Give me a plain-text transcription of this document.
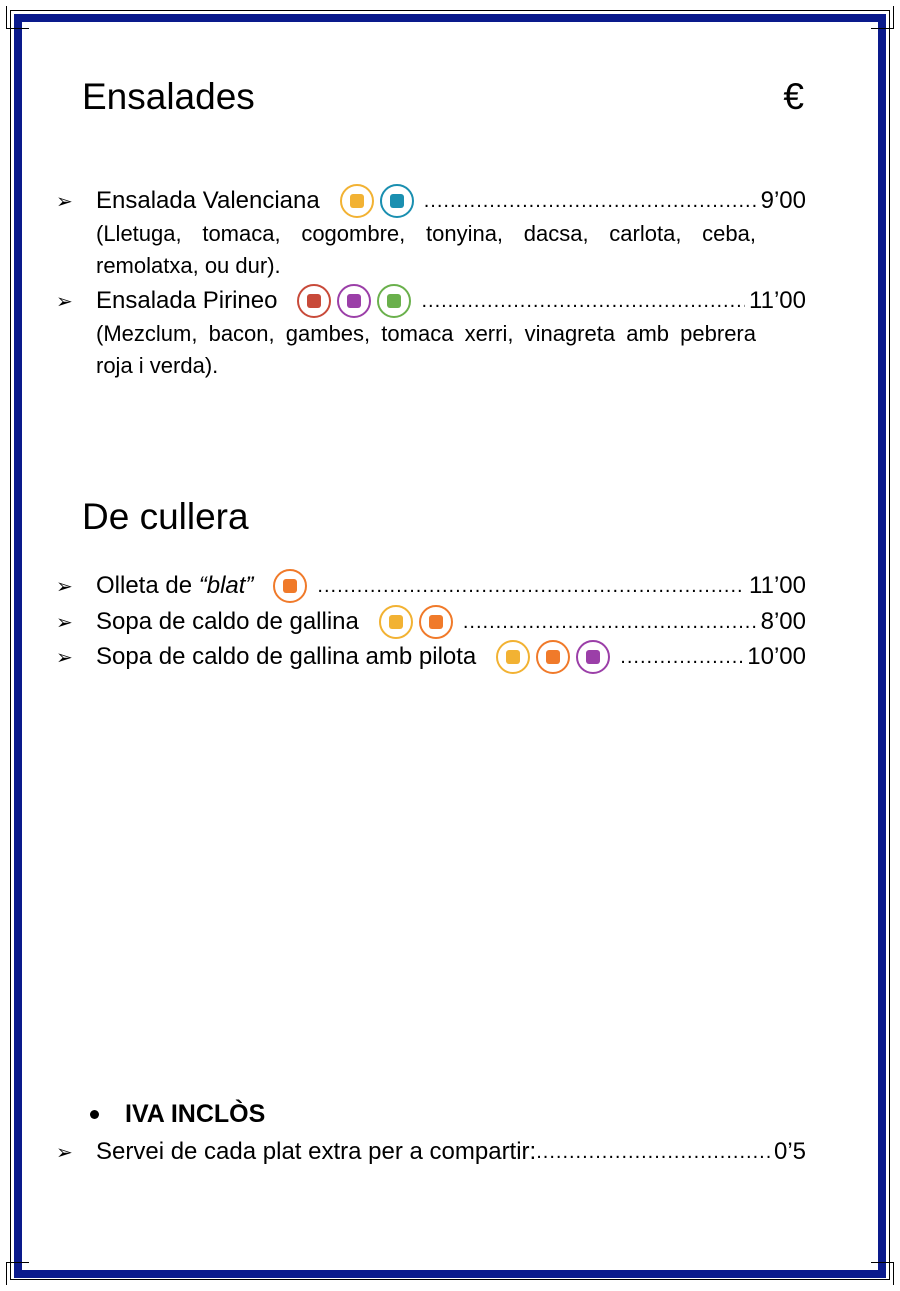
Ensalades	€
➢ Ensalada Valenciana .....	9’00
(Lletuga, tomaca, cogombre, tonyina, dacsa, carlota, ceba, remolatxa, ou dur).
➢ Ensalada Pirineo .....	11’00
(Mezclum, bacon, gambes, tomaca xerri, vinagreta amb pebrera roja i verda).
De cullera
➢ Olleta de “blat” .....	11’00
➢ Sopa de caldo de gallina .....	8’00
➢ Sopa de caldo de gallina amb pilota .....	10’00
IVA INCLÒS
➢ Servei de cada plat extra per a compartir: .....	0’5
